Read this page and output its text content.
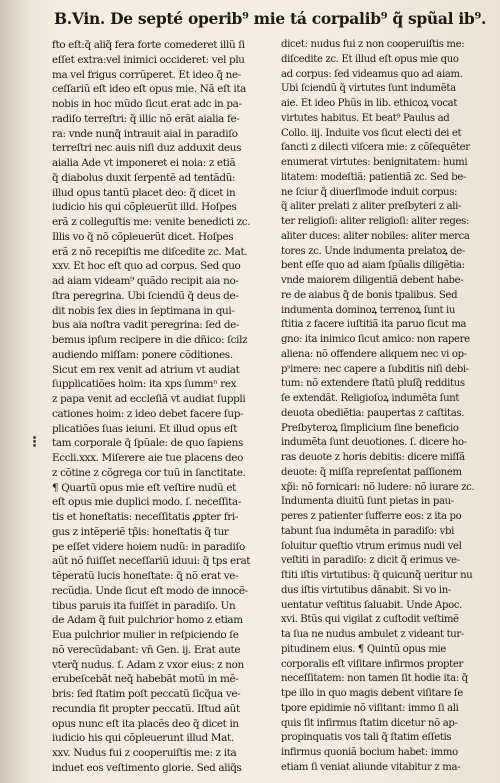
B.Vin. De septé operib⁹ mie tá corpalib⁹ q̃ spũal ib⁹.
⁝
fto eſt:q̃ aliq̃ fera forte comederet illũ ſi
eſſet extra:vel inimici occideret: vel plu
ma vel frigus corrũperet. Et ideo q̃ ne-
ceſſariũ eſt ideo eſt opus mie. Nã eſt ita
nobis in hoc mũdo ſicut erat adc in pa-
radiſo terreſtri: q̃ illic nõ erãt aialia fe-
ra: vnde nunq̃ intrauit aial in paradiſo
terreſtri nec auis niſi duz adduxit deus
aialia Ade vt imponeret ei noia: z etiã
q̃ diabolus duxit ſerpentẽ ad tentãdũ:
illud opus tantũ placet deo: q̃ dicet in
iudicio his qui cõpleuerũt illd. Hoſpes
erã z colleguſtis me: venite benedicti zc.
Illis vo q̃ nõ cõpleuerũt dicet. Hoſpes
erã z nõ recepiſtis me diſcedite zc. Mat.
xxv. Et hoc eſt quo ad corpus. Sed quo
ad aiam videam⁹ quãdo recipit aia no-
ſtra peregrina. Ubi ſciendũ q̃ deus de-
dit nobis ſex dies in ſeptimana in qui-
bus aia noſtra vadit peregrina: ſed de-
bemus ipſum recipere in die dñico: ſcilz
audiendo miſſam: ponere cõditiones.
Sicut em rex venit ad atrium vt audiat
ſupplicatiões hoim: ita xps ſummⁿ rex
z papa venit ad eccleſiã vt audiat ſuppli
cationes hoim: z ideo debet facere ſup-
plicatiões ſuas ieiuni. Et illud opus eſt
tam corporale q̃ ſpũale: de quo ſapiens
Eccli.xxx. Miſerere aie tue placens deo
z cõtine z cõgrega cor tuũ in ſanctitate.
¶ Quartũ opus mie eſt veſtire nudũ et
eſt opus mie duplici modo. ſ. neceſſita-
tis et honeſtatis: neceſſitatis ꝓpter fri-
gus z intẽperiẽ tp̃is: honeſtatis q̃ tur
pe eſſet videre hoiem nudũ: in paradiſo
aũt nõ fuiſſet neceſſariũ iduui: q̃ tps erat
tẽperatũ lucis honeſtate: q̃ nõ erat ve-
recũdia. Unde ſicut eſt modo de innocẽ-
tibus paruis ita fuiſſet in paradiſo. Un
de Adam q̃ fuit pulchrior homo z etiam
Eua pulchrior mulier in reſpiciendo ſe
nõ verecũdabant: vn̄ Gen. ij. Erat aute
vterq̃ nudus. ſ. Adam z vxor eius: z non
erubeſcebãt neq̃ habebãt motũ in mẽ-
bris: ſed ſtatim poſt peccatũ ſicq̃ua ve-
recundia fit propter peccatũ. Iſtud aũt
opus nunc eſt ita placẽs deo q̃ dicet in
iudicio his qui cõpleuerunt illud Mat.
xxv. Nudus fui z cooperuiſtis me: z ita
induet eos veſtimento glorie. Sed aliq̃s
dicet: nudus fui z non cooperuiſtis me:
diſcedite zc. Et illud eſt opus mie quo
ad corpus: ſed videamus quo ad aiam.
Ubi ſciendũ q̃ virtutes ſunt indumẽta
aie. Et ideo Phũs in lib. ethicoꝝ vocat
virtutes habitus. Et beat⁹ Paulus ad
Collo. iij. Induite vos ſicut electi dei et
ſancti z dilecti viſcera mie: z cõſequẽter
enumerat virtutes: benignitatem: humi
litatem: modeſtiã: patientiã zc. Sed be-
ne ſciur q̃ diuerſimode induit corpus:
q̃ aliter prelati z aliter preſbyteri z ali-
ter religioſi: aliter religioſi: aliter reges:
aliter duces: aliter nobiles: aliter merca
tores zc. Unde indumenta prelatoꝝ de-
bent eſſe quo ad aiam ſpũalis diligẽtia:
vnde maiorem diligentiã debent habe-
re de aiabus q̃ de bonis tpalibus. Sed
indumenta dominoꝝ terrenoꝝ ſunt iu
ſtitia z facere iuſtitiã ita paruo ſicut ma
gno: ita inimico ſicut amico: non rapere
aliena: nõ offendere aliquem nec vi op-
pˢimere: nec capere a ſubditis niſi debi-
tum: nõ extendere ſtatũ pluſq̃ redditus
ſe extendãt. Religioſoꝝ indumẽta ſunt
deuota obediẽtia: paupertas z caſtitas.
Preſbyteroꝝ ſimplicium ſine beneficio
indumẽta ſunt deuotiones. ſ. dicere ho-
ras deuote z horis debitis: dicere miſſã
deuote: q̃ miſſa repreſentat paſſionem
xp̃i: nõ fornicari: nõ ludere: nõ iurare zc.
Indumenta diuitũ ſunt pietas in pau-
peres z patienter ſufferre eos: z ita po
tabunt ſua indumẽta in paradiſo: vbi
ſoluitur queſtio vtrum erimus nudi vel
veſtiti in paradiſo: z dicit q̃ erimus ve-
ſtiti iſtis virtutibus: q̃ quicunq̃ ueritur nu
dus iſtis virtutibus dãnabit. Si vo in-
uentatur veſtitus ſaluabit. Unde Apoc.
xvi. Btũs qui vigilat z cuſtodit veſtimẽ
ta ſua ne nudus ambulet z videant tur-
pitudinem eius. ¶ Quintũ opus mie
corporalis eſt viſitare infirmos propter
neceſſitatem: non tamen ſit hodie ita: q̃
tpe illo in quo magis debent viſitare ſe
tpore epidimie nõ viſitant: immo ſi ali
quis ſit infirmus ſtatim dicetur nõ ap-
propinquatis vos tali q̃ ſtatim eſſetis
infirmus quoniã bocium habet: immo
etiam ſi veniat aliunde vitabitur z ma-
